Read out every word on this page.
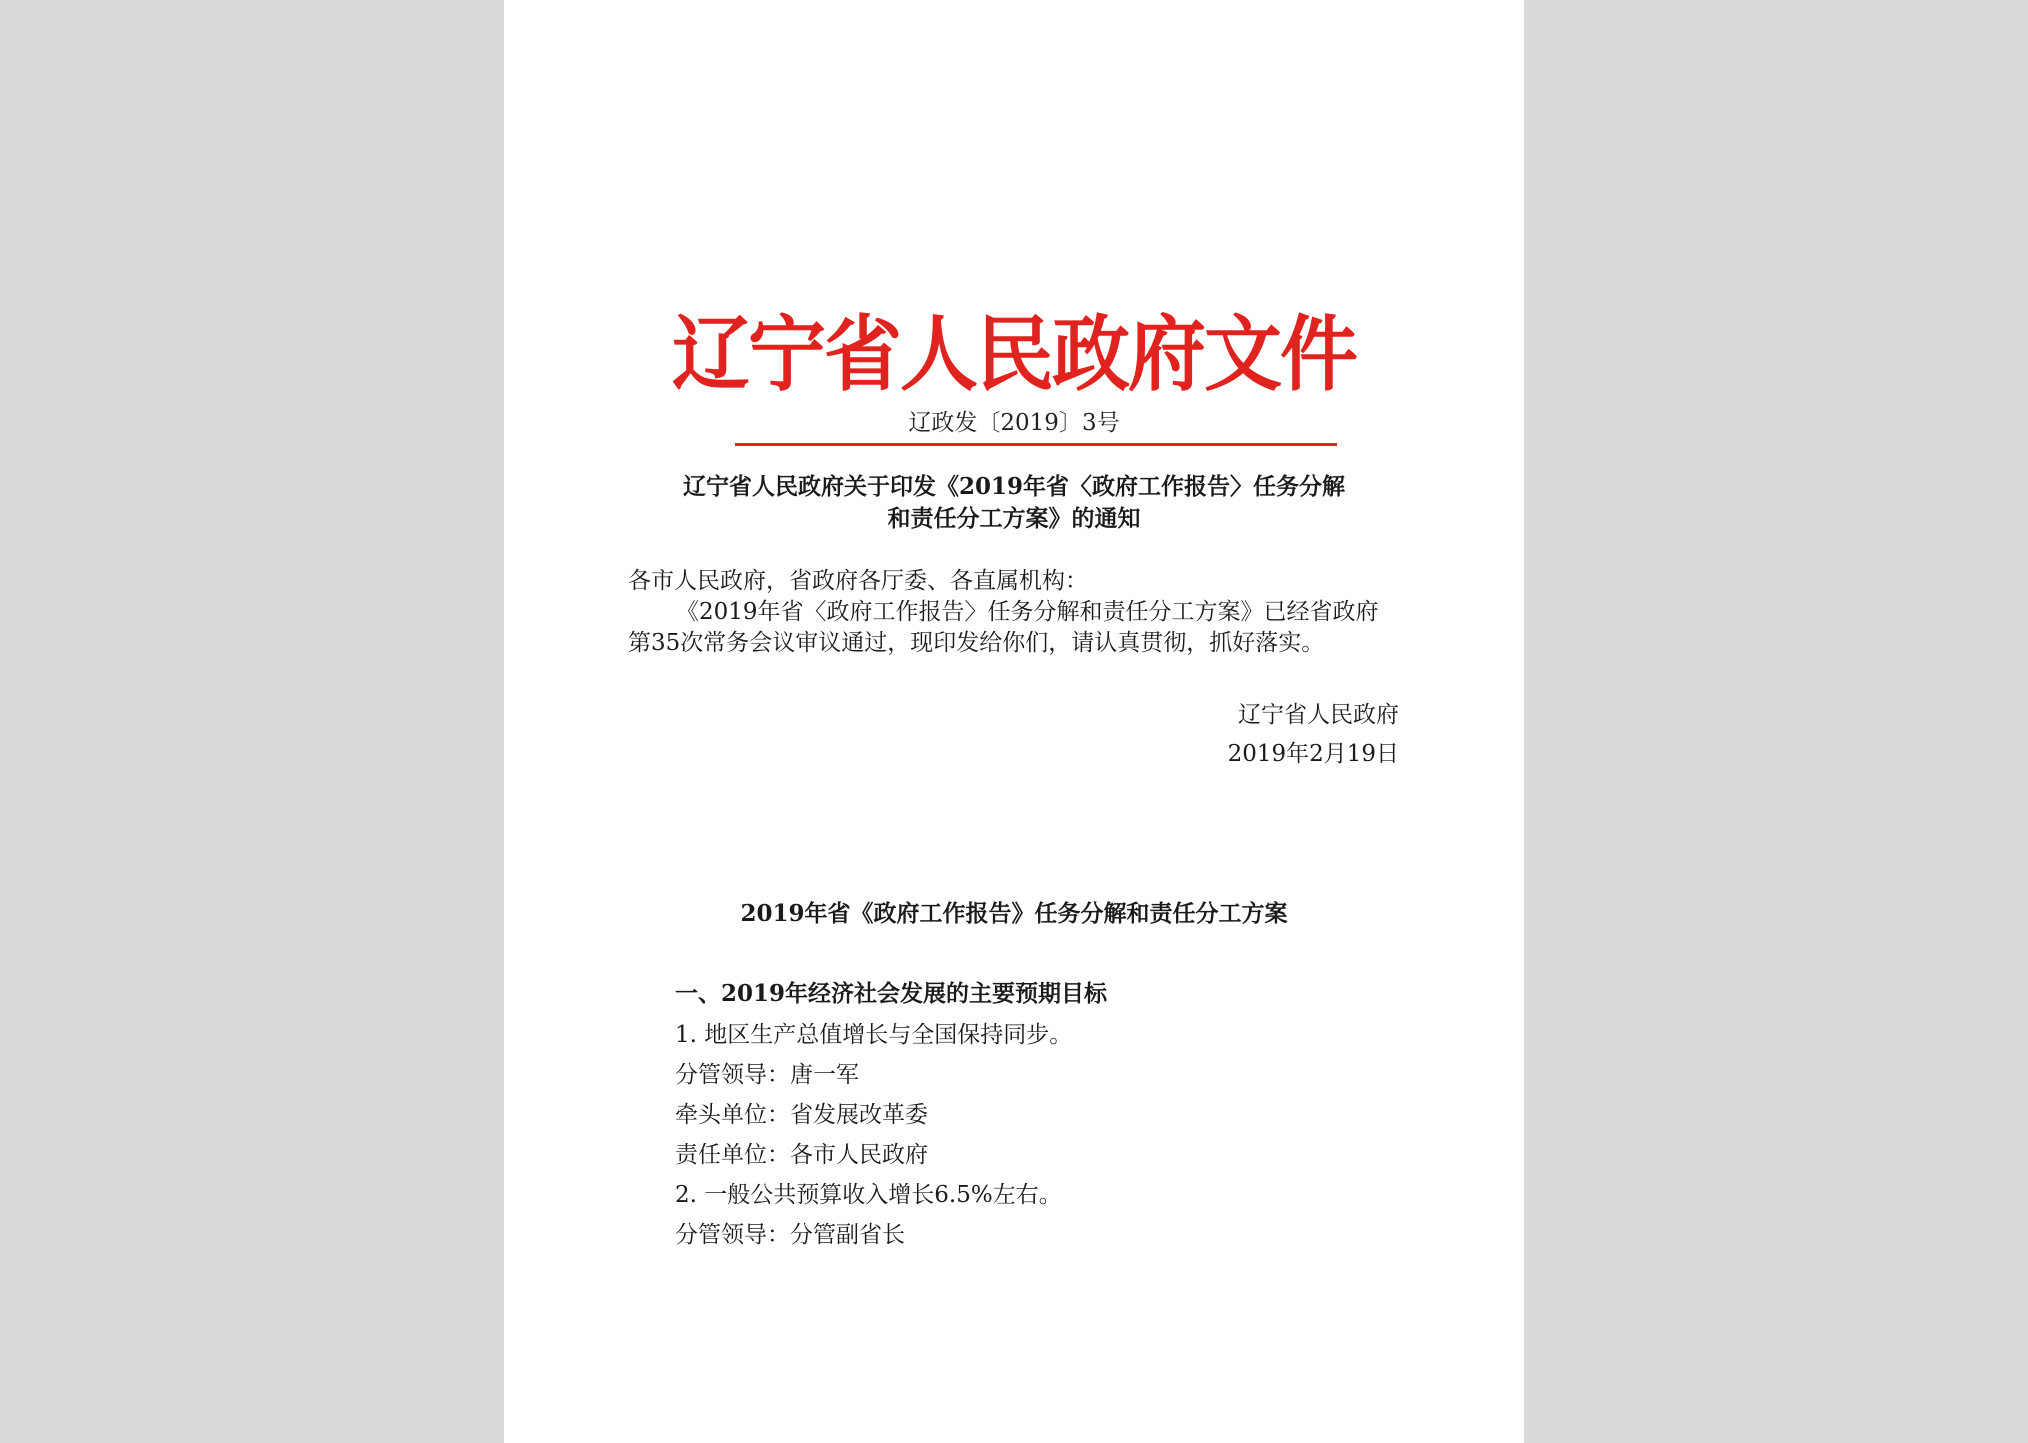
辽宁省人民政府文件
辽政发〔2019〕3号
辽宁省人民政府关于印发《2019年省〈政府工作报告〉任务分解
和责任分工方案》的通知
各市人民政府，省政府各厅委、各直属机构：
《2019年省〈政府工作报告〉任务分解和责任分工方案》已经省政府
第35次常务会议审议通过，现印发给你们，请认真贯彻，抓好落实。
辽宁省人民政府
2019年2月19日
2019年省《政府工作报告》任务分解和责任分工方案
一、2019年经济社会发展的主要预期目标
1. 地区生产总值增长与全国保持同步。
分管领导：唐一军
牵头单位：省发展改革委
责任单位：各市人民政府
2. 一般公共预算收入增长6.5%左右。
分管领导：分管副省长
